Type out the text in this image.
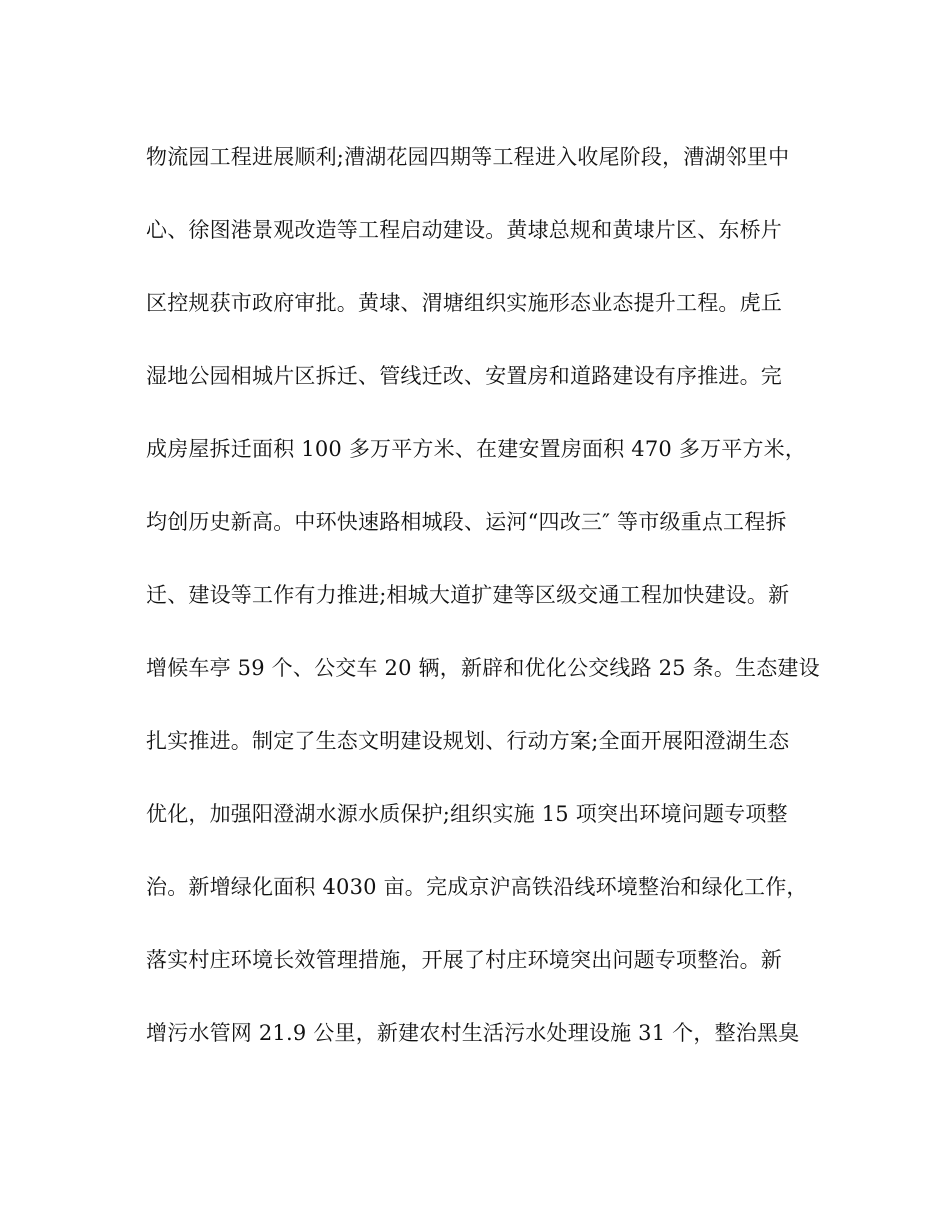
物流园工程进展顺利;漕湖花园四期等工程进入收尾阶段，漕湖邻里中
心、徐图港景观改造等工程启动建设。黄埭总规和黄埭片区、东桥片
区控规获市政府审批。黄埭、渭塘组织实施形态业态提升工程。虎丘
湿地公园相城片区拆迁、管线迁改、安置房和道路建设有序推进。完
成房屋拆迁面积 100 多万平方米、在建安置房面积 470 多万平方米，
均创历史新高。中环快速路相城段、运河“四改三″ 等市级重点工程拆
迁、建设等工作有力推进;相城大道扩建等区级交通工程加快建设。新
增候车亭 59 个、公交车 20 辆，新辟和优化公交线路 25 条。生态建设
扎实推进。制定了生态文明建设规划、行动方案;全面开展阳澄湖生态
优化，加强阳澄湖水源水质保护;组织实施 15 项突出环境问题专项整
治。新增绿化面积 4030 亩。完成京沪高铁沿线环境整治和绿化工作，
落实村庄环境长效管理措施，开展了村庄环境突出问题专项整治。新
增污水管网 21.9 公里，新建农村生活污水处理设施 31 个，整治黑臭
